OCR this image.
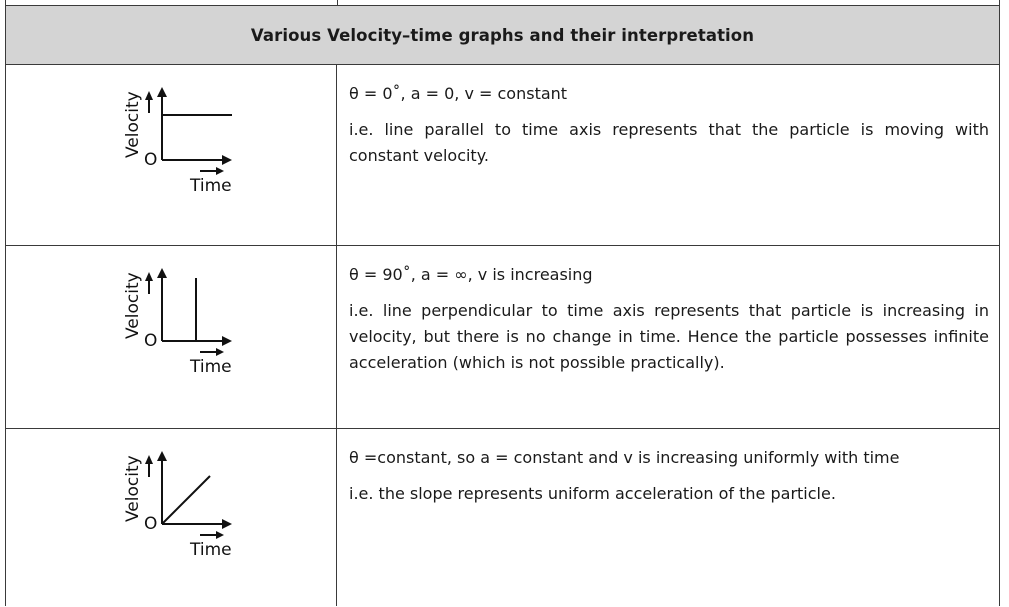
Various Velocity–time graphs and their interpretation
Velocity
O
Time

θ = 0˚, a = 0, v = constant

i.e. line parallel to time axis represents that the particle is moving with constant velocity.

Velocity
O
Time

θ = 90˚, a = ∞, v is increasing

i.e. line perpendicular to time axis represents that particle is increasing in velocity, but there is no change in time. Hence the particle possesses infinite acceleration (which is not possible practically).

Velocity
O
Time

θ =constant, so a = constant and v is increasing uniformly with time

i.e. the slope represents uniform acceleration of the particle.
